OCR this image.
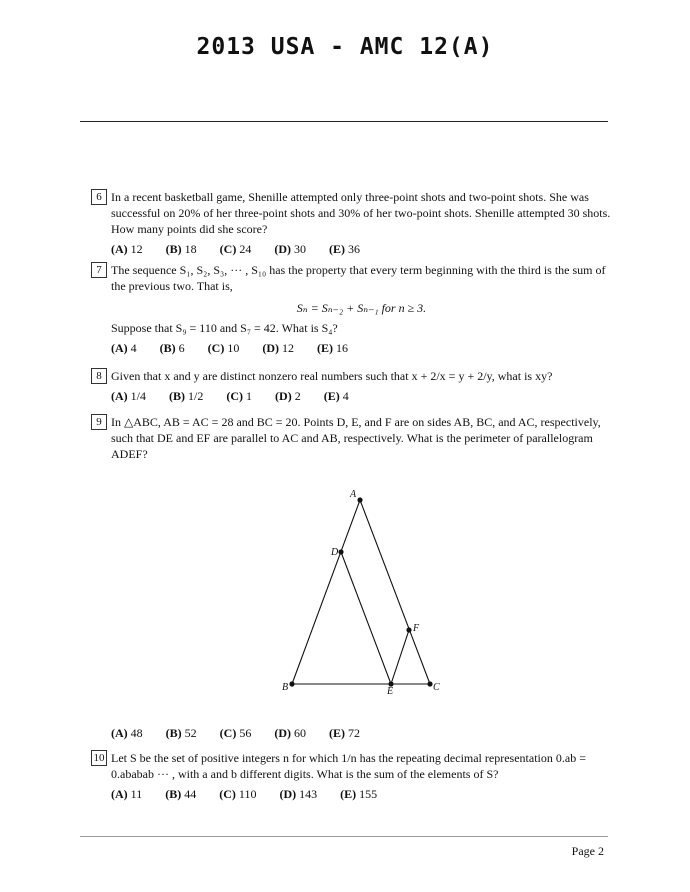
2013 USA - AMC 12(A)
6 In a recent basketball game, Shenille attempted only three-point shots and two-point shots. She was successful on 20% of her three-point shots and 30% of her two-point shots. Shenille attempted 30 shots. How many points did she score?

(A) 12 (B) 18 (C) 24 (D) 30 (E) 36
7 The sequence S₁, S₂, S₃, ··· , S₁₀ has the property that every term beginning with the third is the sum of the previous two. That is,

Sₙ = Sₙ₋₂ + Sₙ₋₁ for n ≥ 3.

Suppose that S₉ = 110 and S₇ = 42. What is S₄?

(A) 4 (B) 6 (C) 10 (D) 12 (E) 16
8 Given that x and y are distinct nonzero real numbers such that x + 2/x = y + 2/y, what is xy?

(A) 1/4 (B) 1/2 (C) 1 (D) 2 (E) 4
9 In △ABC, AB = AC = 28 and BC = 20. Points D, E, and F are on sides AB, BC, and AC, respectively, such that DE and EF are parallel to AC and AB, respectively. What is the perimeter of parallelogram ADEF?

A
B	C
D
E
F
(A) 48 (B) 52 (C) 56 (D) 60 (E) 72
10 Let S be the set of positive integers n for which 1/n has the repeating decimal representation 0.ab = 0.ababab ··· , with a and b different digits. What is the sum of the elements of S?

(A) 11 (B) 44 (C) 110 (D) 143 (E) 155
Page 2
